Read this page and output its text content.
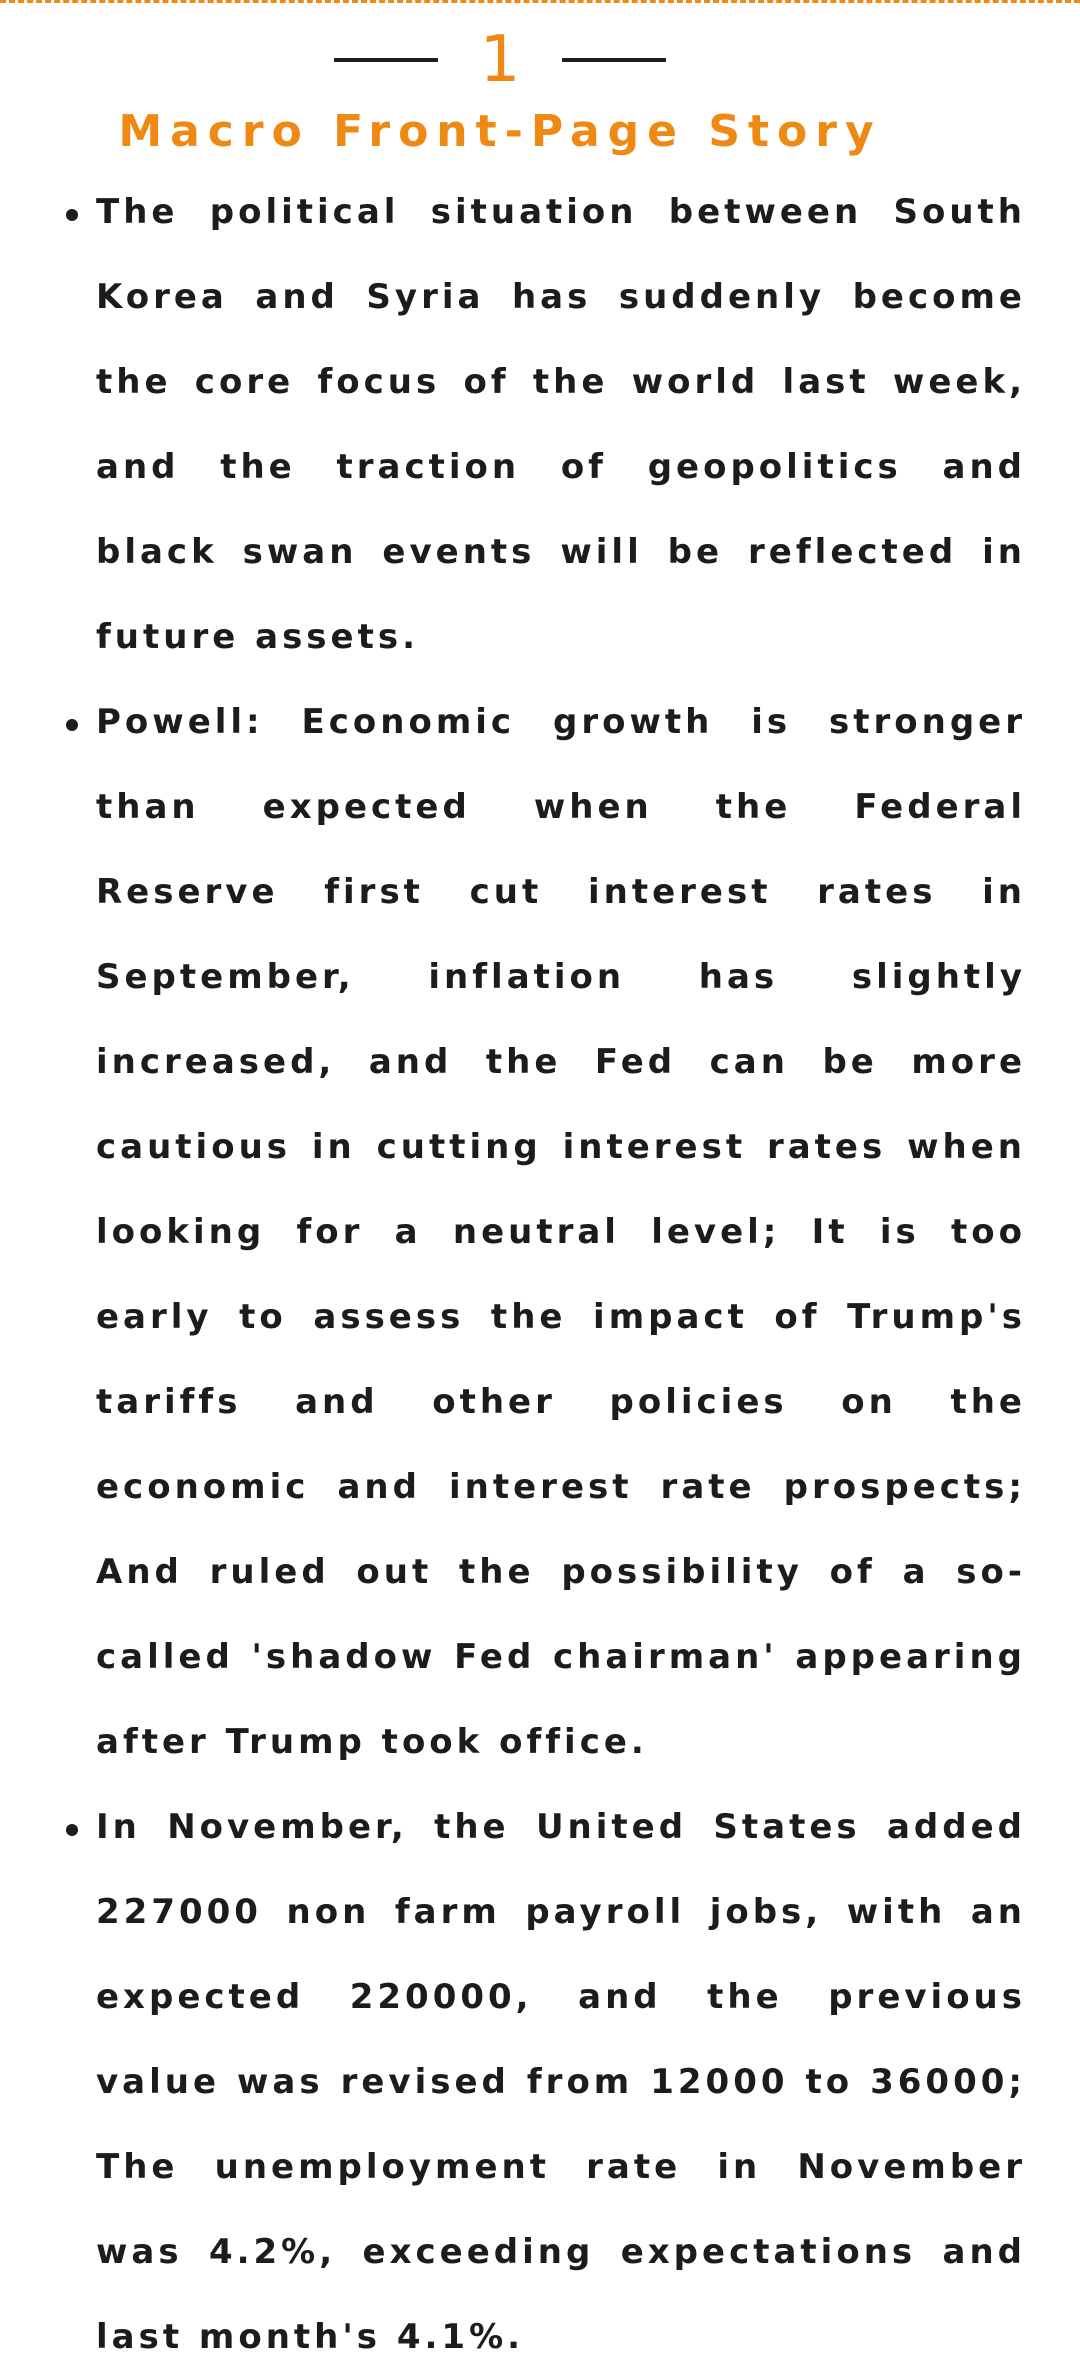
1
Macro Front-Page Story

The political situation between South Korea and Syria has suddenly become the core focus of the world last week, and the traction of geopolitics and black swan events will be reflected in future assets.

Powell: Economic growth is stronger than expected when the Federal Reserve first cut interest rates in September, inflation has slightly increased, and the Fed can be more cautious in cutting interest rates when looking for a neutral level; It is too early to assess the impact of Trump's tariffs and other policies on the economic and interest rate prospects; And ruled out the possibility of a so-called 'shadow Fed chairman' appearing after Trump took office.

In November, the United States added 227000 non farm payroll jobs, with an expected 220000, and the previous value was revised from 12000 to 36000; The unemployment rate in November was 4.2%, exceeding expectations and last month's 4.1%.
